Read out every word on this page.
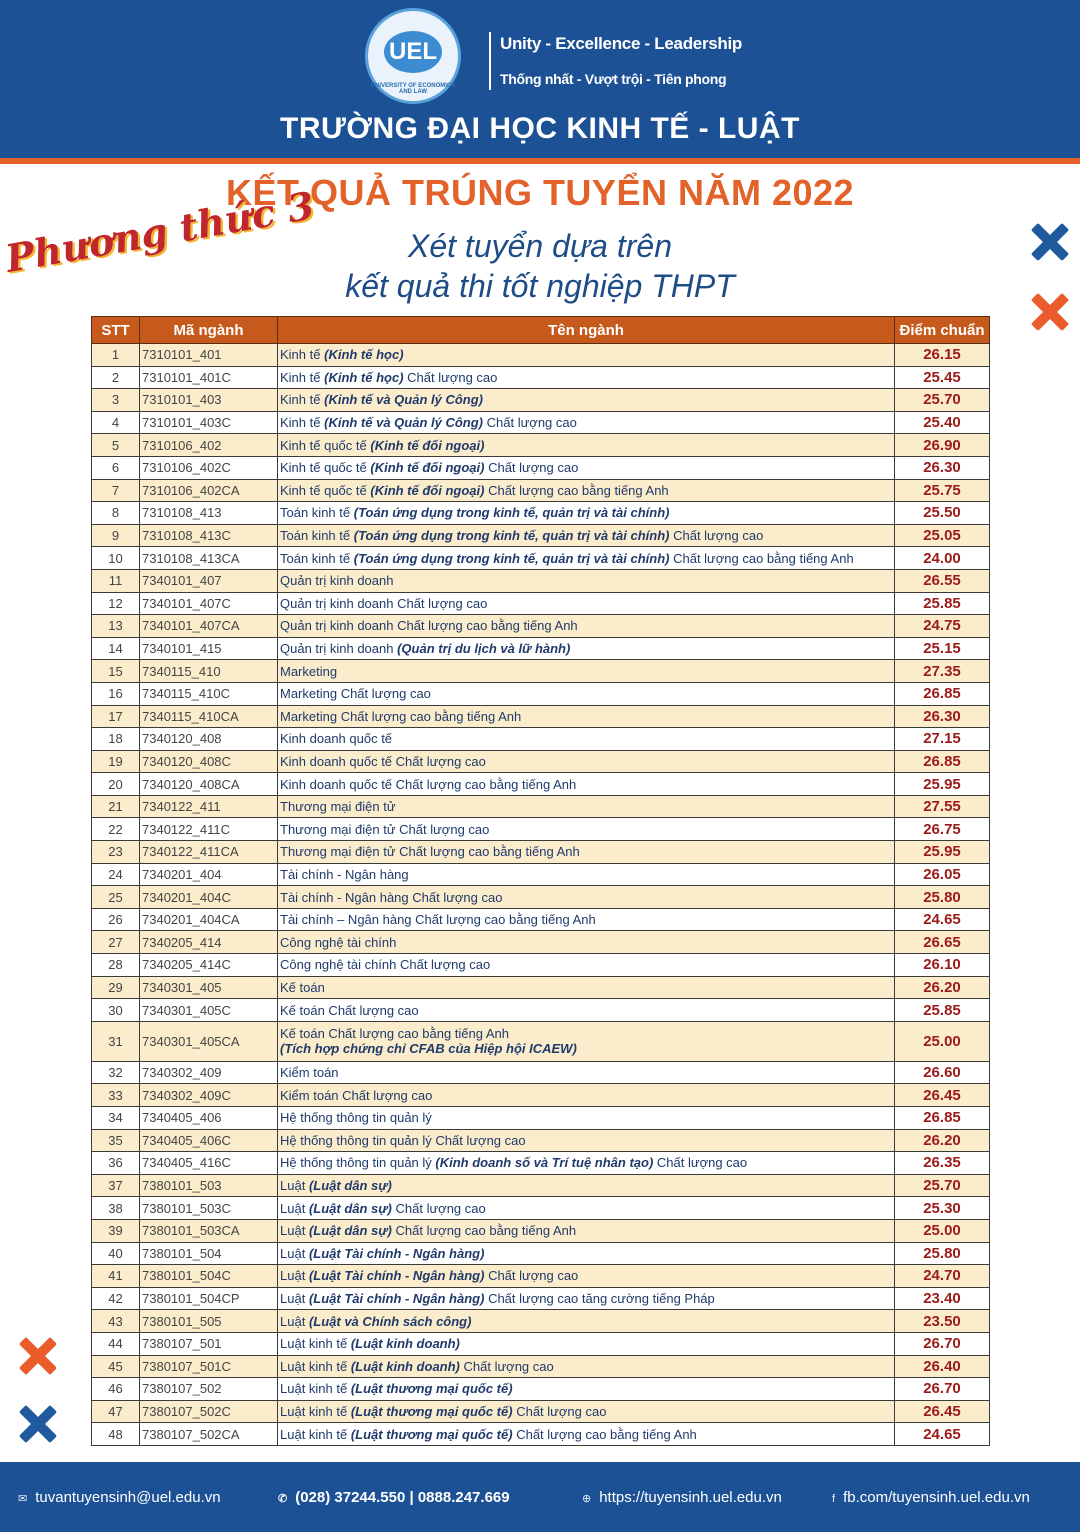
UEL
UNIVERSITY OF ECONOMICS AND LAW
Unity - Excellence - Leadership
Thống nhất - Vượt trội - Tiên phong
TRƯỜNG ĐẠI HỌC KINH TẾ - LUẬT
KẾT QUẢ TRÚNG TUYỂN NĂM 2022
Phương thức 3	Xét tuyển dựa trên
kết quả thi tốt nghiệp THPT
STT	Mã ngành	Tên ngành	Điểm chuẩn
1	7310101_401	Kinh tế (Kinh tế học)	26.15
2	7310101_401C	Kinh tế (Kinh tế học) Chất lượng cao	25.45
3	7310101_403	Kinh tế (Kinh tế và Quản lý Công)	25.70
4	7310101_403C	Kinh tế (Kinh tế và Quản lý Công) Chất lượng cao	25.40
5	7310106_402	Kinh tế quốc tế (Kinh tế đối ngoại)	26.90
6	7310106_402C	Kinh tế quốc tế (Kinh tế đối ngoại) Chất lượng cao	26.30
7	7310106_402CA	Kinh tế quốc tế (Kinh tế đối ngoại) Chất lượng cao bằng tiếng Anh	25.75
8	7310108_413	Toán kinh tế (Toán ứng dụng trong kinh tế, quản trị và tài chính)	25.50
9	7310108_413C	Toán kinh tế (Toán ứng dụng trong kinh tế, quản trị và tài chính) Chất lượng cao	25.05
10	7310108_413CA	Toán kinh tế (Toán ứng dụng trong kinh tế, quản trị và tài chính) Chất lượng cao bằng tiếng Anh	24.00
11	7340101_407	Quản trị kinh doanh	26.55
12	7340101_407C	Quản trị kinh doanh Chất lượng cao	25.85
13	7340101_407CA	Quản trị kinh doanh Chất lượng cao bằng tiếng Anh	24.75
14	7340101_415	Quản trị kinh doanh (Quản trị du lịch và lữ hành)	25.15
15	7340115_410	Marketing	27.35
16	7340115_410C	Marketing Chất lượng cao	26.85
17	7340115_410CA	Marketing Chất lượng cao bằng tiếng Anh	26.30
18	7340120_408	Kinh doanh quốc tế	27.15
19	7340120_408C	Kinh doanh quốc tế Chất lượng cao	26.85
20	7340120_408CA	Kinh doanh quốc tế Chất lượng cao bằng tiếng Anh	25.95
21	7340122_411	Thương mại điện tử	27.55
22	7340122_411C	Thương mại điện tử Chất lượng cao	26.75
23	7340122_411CA	Thương mại điện tử Chất lượng cao bằng tiếng Anh	25.95
24	7340201_404	Tài chính - Ngân hàng	26.05
25	7340201_404C	Tài chính - Ngân hàng Chất lượng cao	25.80
26	7340201_404CA	Tài chính – Ngân hàng Chất lượng cao bằng tiếng Anh	24.65
27	7340205_414	Công nghệ tài chính	26.65
28	7340205_414C	Công nghệ tài chính Chất lượng cao	26.10
29	7340301_405	Kế toán	26.20
30	7340301_405C	Kế toán Chất lượng cao	25.85
31	7340301_405CA	Kế toán Chất lượng cao bằng tiếng Anh
(Tích hợp chứng chỉ CFAB của Hiệp hội ICAEW)	25.00
32	7340302_409	Kiểm toán	26.60
33	7340302_409C	Kiểm toán Chất lượng cao	26.45
34	7340405_406	Hệ thống thông tin quản lý	26.85
35	7340405_406C	Hệ thống thông tin quản lý Chất lượng cao	26.20
36	7340405_416C	Hệ thống thông tin quản lý (Kinh doanh số và Trí tuệ nhân tạo) Chất lượng cao	26.35
37	7380101_503	Luật (Luật dân sự)	25.70
38	7380101_503C	Luật (Luật dân sự) Chất lượng cao	25.30
39	7380101_503CA	Luật (Luật dân sự) Chất lượng cao bằng tiếng Anh	25.00
40	7380101_504	Luật (Luật Tài chính - Ngân hàng)	25.80
41	7380101_504C	Luật (Luật Tài chính - Ngân hàng) Chất lượng cao	24.70
42	7380101_504CP	Luật (Luật Tài chính - Ngân hàng) Chất lượng cao tăng cường tiếng Pháp	23.40
43	7380101_505	Luật (Luật và Chính sách công)	23.50
44	7380107_501	Luật kinh tế (Luật kinh doanh)	26.70
45	7380107_501C	Luật kinh tế (Luật kinh doanh) Chất lượng cao	26.40
46	7380107_502	Luật kinh tế (Luật thương mại quốc tế)	26.70
47	7380107_502C	Luật kinh tế (Luật thương mại quốc tế) Chất lượng cao	26.45
48	7380107_502CA	Luật kinh tế (Luật thương mại quốc tế) Chất lượng cao bằng tiếng Anh	24.65
✉ tuvantuyensinh@uel.edu.vn	✆ (028) 37244.550 | 0888.247.669	⊕ https://tuyensinh.uel.edu.vn	f fb.com/tuyensinh.uel.edu.vn
